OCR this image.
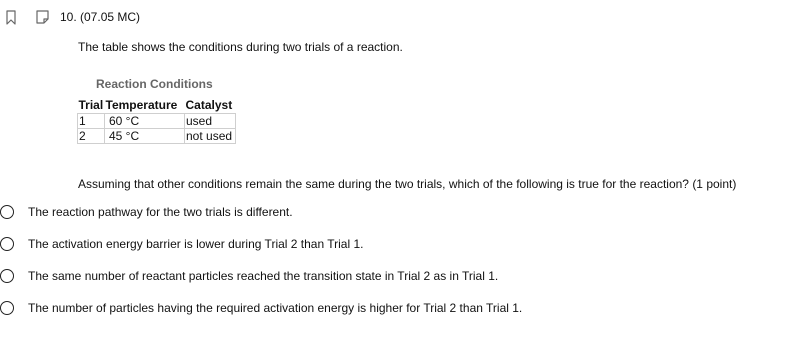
10. (07.05 MC)
The table shows the conditions during two trials of a reaction.
Reaction Conditions
Trial	Temperature	Catalyst
1	60 °C	used
2	45 °C	not used
Assuming that other conditions remain the same during the two trials, which of the following is true for the reaction? (1 point)
The reaction pathway for the two trials is different.
The activation energy barrier is lower during Trial 2 than Trial 1.
The same number of reactant particles reached the transition state in Trial 2 as in Trial 1.
The number of particles having the required activation energy is higher for Trial 2 than Trial 1.
